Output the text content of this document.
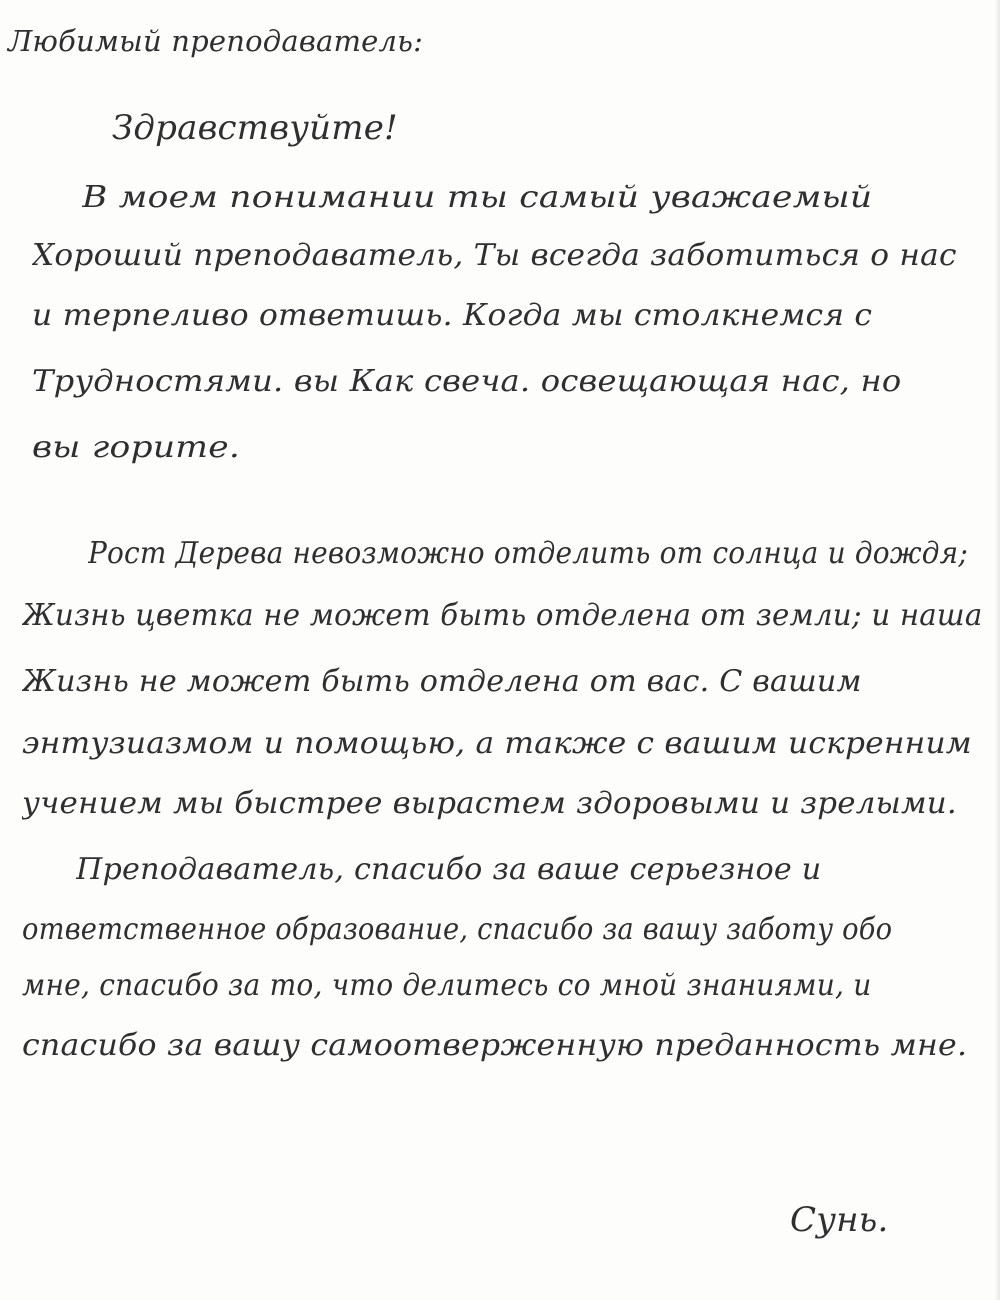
Любимый преподаватель:
Здравствуйте!
В моем понимании ты самый уважаемый
Хороший преподаватель, Ты всегда заботиться о нас
и терпеливо ответишь. Когда мы столкнемся с
Трудностями. вы Как свеча. освещающая нас, но
вы горите.
Рост Дерева невозможно отделить от солнца и дождя;
Жизнь цветка не может быть отделена от земли; и наша
Жизнь не может быть отделена от вас. С вашим
энтузиазмом и помощью, а также с вашим искренним
учением мы быстрее вырастем здоровыми и зрелыми.
Преподаватель, спасибо за ваше серьезное и
ответственное образование, спасибо за вашу заботу обо
мне, спасибо за то, что делитесь со мной знаниями, и
спасибо за вашу самоотверженную преданность мне.
Сунь.
